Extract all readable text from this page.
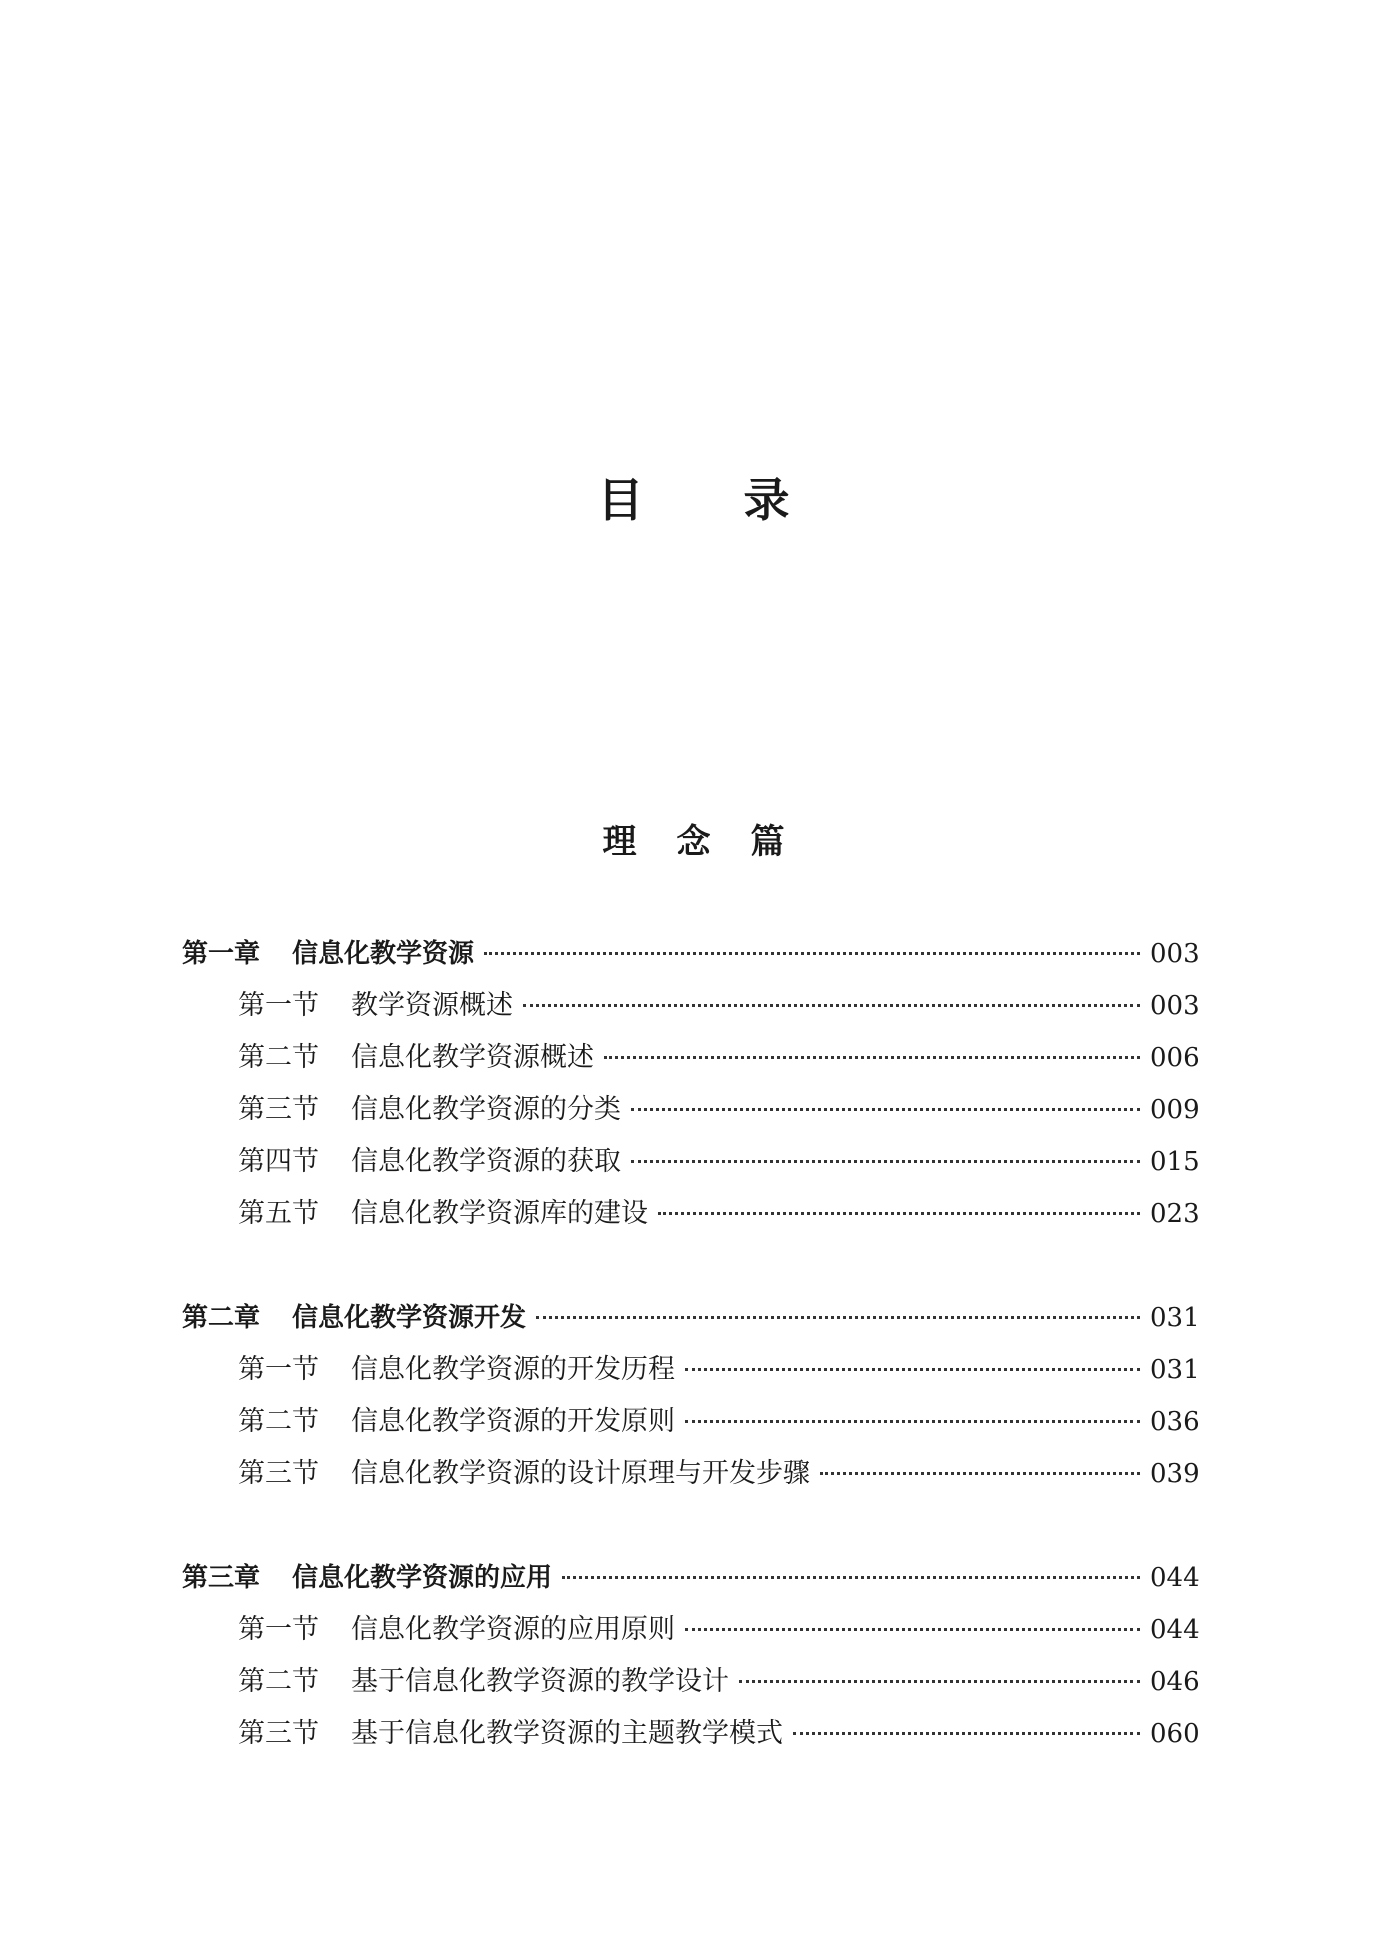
目录
理念篇
第一章 信息化教学资源	003
第一节 教学资源概述	003
第二节 信息化教学资源概述	006
第三节 信息化教学资源的分类	009
第四节 信息化教学资源的获取	015
第五节 信息化教学资源库的建设	023
第二章 信息化教学资源开发	031
第一节 信息化教学资源的开发历程	031
第二节 信息化教学资源的开发原则	036
第三节 信息化教学资源的设计原理与开发步骤	039
第三章 信息化教学资源的应用	044
第一节 信息化教学资源的应用原则	044
第二节 基于信息化教学资源的教学设计	046
第三节 基于信息化教学资源的主题教学模式	060
